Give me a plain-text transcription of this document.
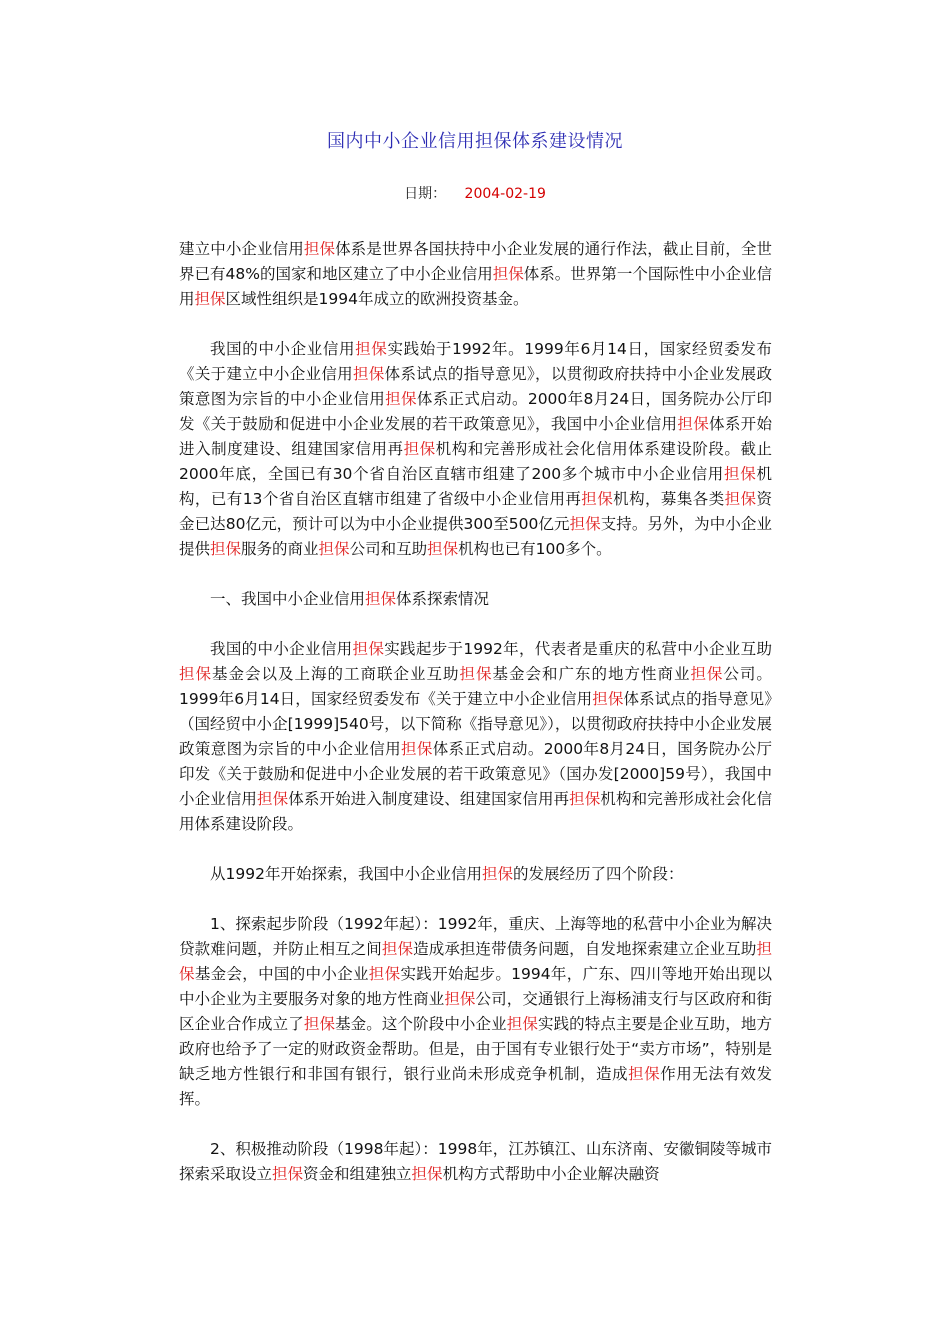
国内中小企业信用担保体系建设情况
日期： 2004-02-19

建立中小企业信用担保体系是世界各国扶持中小企业发展的通行作法，截止目前，全世界已有48%的国家和地区建立了中小企业信用担保体系。世界第一个国际性中小企业信用担保区域性组织是1994年成立的欧洲投资基金。

我国的中小企业信用担保实践始于1992年。1999年6月14日，国家经贸委发布《关于建立中小企业信用担保体系试点的指导意见》，以贯彻政府扶持中小企业发展政策意图为宗旨的中小企业信用担保体系正式启动。2000年8月24日，国务院办公厅印发《关于鼓励和促进中小企业发展的若干政策意见》，我国中小企业信用担保体系开始进入制度建设、组建国家信用再担保机构和完善形成社会化信用体系建设阶段。截止2000年底，全国已有30个省自治区直辖市组建了200多个城市中小企业信用担保机构，已有13个省自治区直辖市组建了省级中小企业信用再担保机构，募集各类担保资金已达80亿元，预计可以为中小企业提供300至500亿元担保支持。另外，为中小企业提供担保服务的商业担保公司和互助担保机构也已有100多个。

一、我国中小企业信用担保体系探索情况

我国的中小企业信用担保实践起步于1992年，代表者是重庆的私营中小企业互助担保基金会以及上海的工商联企业互助担保基金会和广东的地方性商业担保公司。1999年6月14日，国家经贸委发布《关于建立中小企业信用担保体系试点的指导意见》（国经贸中小企[1999]540号，以下简称《指导意见》），以贯彻政府扶持中小企业发展政策意图为宗旨的中小企业信用担保体系正式启动。2000年8月24日，国务院办公厅印发《关于鼓励和促进中小企业发展的若干政策意见》（国办发[2000]59号），我国中小企业信用担保体系开始进入制度建设、组建国家信用再担保机构和完善形成社会化信用体系建设阶段。

从1992年开始探索，我国中小企业信用担保的发展经历了四个阶段：

1、探索起步阶段（1992年起）：1992年，重庆、上海等地的私营中小企业为解决贷款难问题，并防止相互之间担保造成承担连带债务问题，自发地探索建立企业互助担保基金会，中国的中小企业担保实践开始起步。1994年，广东、四川等地开始出现以中小企业为主要服务对象的地方性商业担保公司，交通银行上海杨浦支行与区政府和街区企业合作成立了担保基金。这个阶段中小企业担保实践的特点主要是企业互助，地方政府也给予了一定的财政资金帮助。但是，由于国有专业银行处于“卖方市场”，特别是缺乏地方性银行和非国有银行，银行业尚未形成竞争机制，造成担保作用无法有效发挥。

2、积极推动阶段（1998年起）：1998年，江苏镇江、山东济南、安徽铜陵等城市探索采取设立担保资金和组建独立担保机构方式帮助中小企业解决融资
